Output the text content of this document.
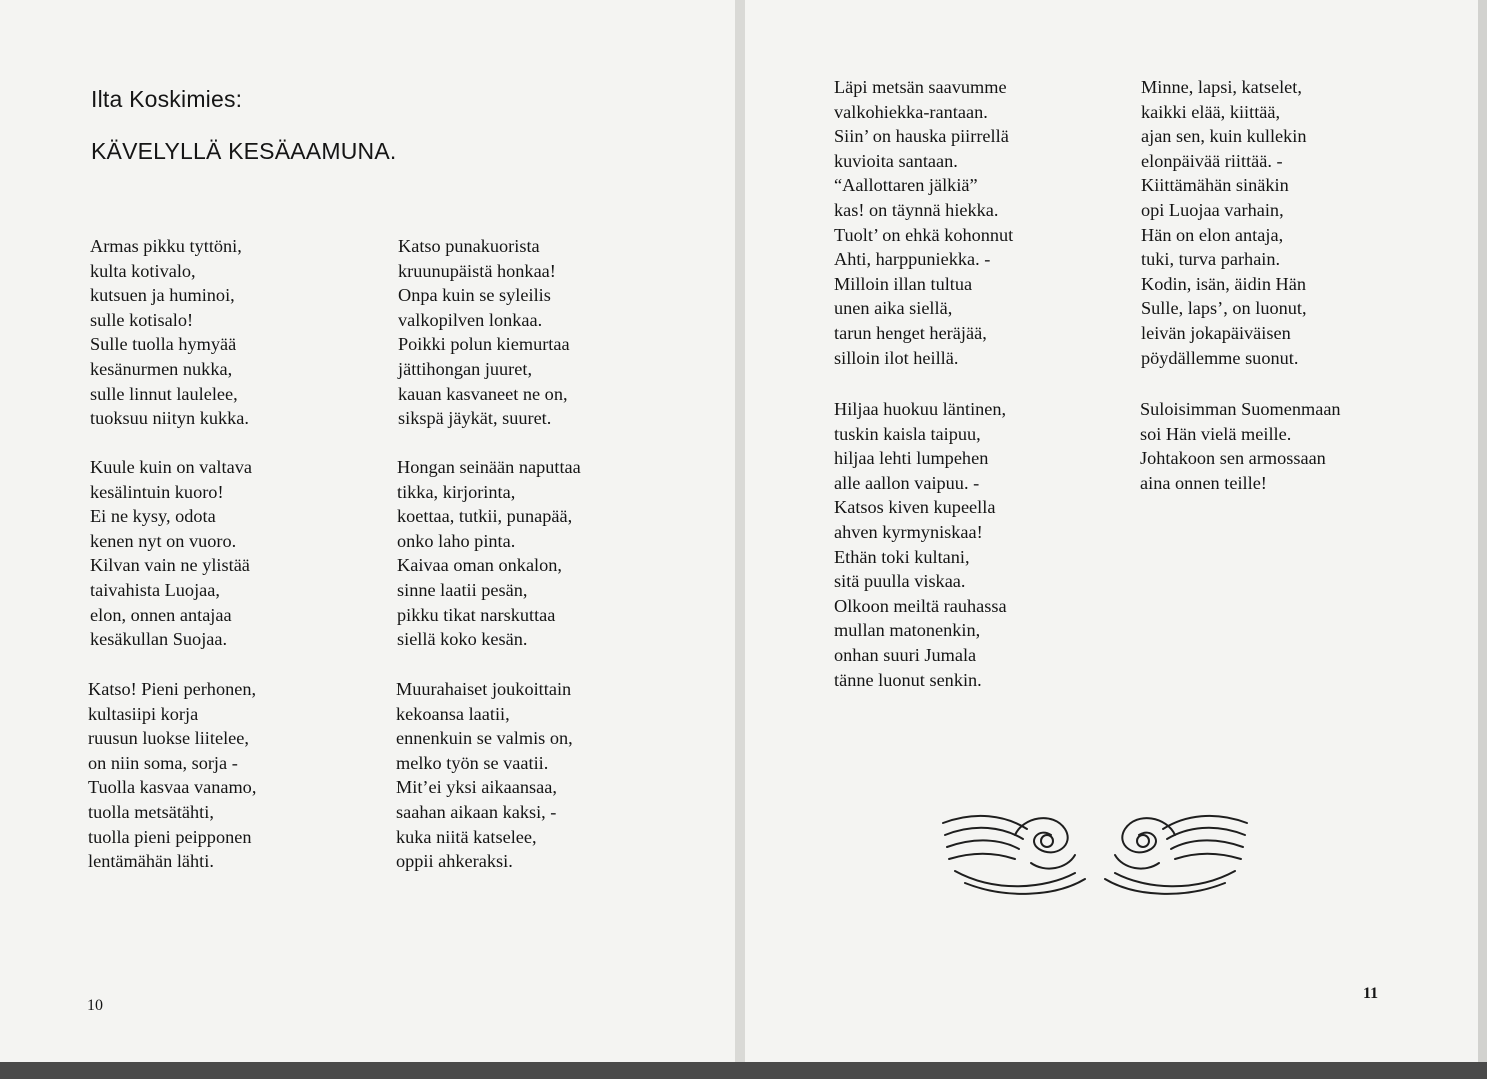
Ilta Koskimies:
KÄVELYLLÄ KESÄAAMUNA.
Armas pikku tyttöni,
kulta kotivalo,
kutsuen ja huminoi,
sulle kotisalo!
Sulle tuolla hymyää
kesänurmen nukka,
sulle linnut laulelee,
tuoksuu niityn kukka.
Kuule kuin on valtava
kesälintuin kuoro!
Ei ne kysy, odota
kenen nyt on vuoro.
Kilvan vain ne ylistää
taivahista Luojaa,
elon, onnen antajaa
kesäkullan Suojaa.
Katso! Pieni perhonen,
kultasiipi korja
ruusun luokse liitelee,
on niin soma, sorja -
Tuolla kasvaa vanamo,
tuolla metsätähti,
tuolla pieni peipponen
lentämähän lähti.
Katso punakuorista
kruunupäistä honkaa!
Onpa kuin se syleilis
valkopilven lonkaa.
Poikki polun kiemurtaa
jättihongan juuret,
kauan kasvaneet ne on,
sikspä jäykät, suuret.
Hongan seinään naputtaa
tikka, kirjorinta,
koettaa, tutkii, punapää,
onko laho pinta.
Kaivaa oman onkalon,
sinne laatii pesän,
pikku tikat narskuttaa
siellä koko kesän.
Muurahaiset joukoittain
kekoansa laatii,
ennenkuin se valmis on,
melko työn se vaatii.
Mit’ei yksi aikaansaa,
saahan aikaan kaksi, -
kuka niitä katselee,
oppii ahkeraksi.
10
Läpi metsän saavumme
valkohiekka-rantaan.
Siin’ on hauska piirrellä
kuvioita santaan.
“Aallottaren jälkiä”
kas! on täynnä hiekka.
Tuolt’ on ehkä kohonnut
Ahti, harppuniekka. -
Milloin illan tultua
unen aika siellä,
tarun henget heräjää,
silloin ilot heillä.
Hiljaa huokuu läntinen,
tuskin kaisla taipuu,
hiljaa lehti lumpehen
alle aallon vaipuu. -
Katsos kiven kupeella
ahven kyrmyniskaa!
Ethän toki kultani,
sitä puulla viskaa.
Olkoon meiltä rauhassa
mullan matonenkin,
onhan suuri Jumala
tänne luonut senkin.
Minne, lapsi, katselet,
kaikki elää, kiittää,
ajan sen, kuin kullekin
elonpäivää riittää. -
Kiittämähän sinäkin
opi Luojaa varhain,
Hän on elon antaja,
tuki, turva parhain.
Kodin, isän, äidin Hän
Sulle, laps’, on luonut,
leivän jokapäiväisen
pöydällemme suonut.
Suloisimman Suomenmaan
soi Hän vielä meille.
Johtakoon sen armossaan
aina onnen teille!
11
